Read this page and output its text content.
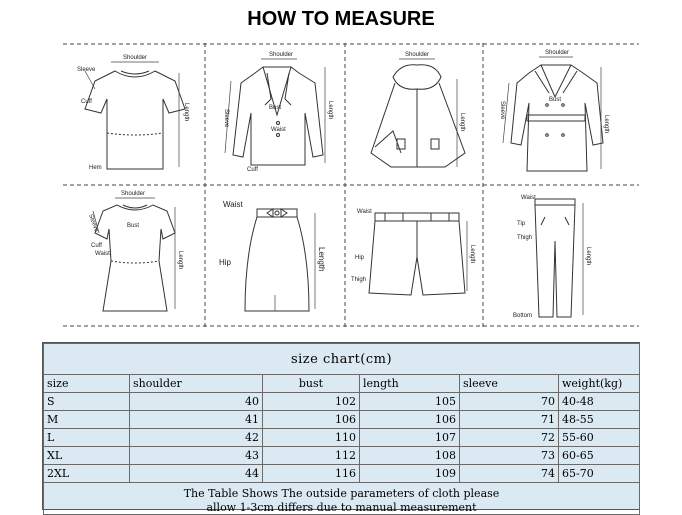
HOW TO MEASURE
Shoulder
Sleeve
Cuff
Hem
Length
Shoulder
Sleeve
Bust
Waist
Cuff
Length
Shoulder
Length
Shoulder
Sleeve
Bust
Length
Shoulder
Sleeve	Bust
Cuff
Waist	Length
Waist
Hip	Length
Waist
Hip
Thigh
Length
Waist
Tip
Thigh
Bottom
Length
size chart(cm)					
size	shoulder	bust	length	sleeve	weight(kg)
S	40	102	105	70	40-48
M	41	106	106	71	48-55
L	42	110	107	72	55-60
XL	43	112	108	73	60-65
2XL	44	116	109	74	65-70
The Table Shows The outside parameters of cloth please					
allow 1-3cm differs due to manual measurement					
